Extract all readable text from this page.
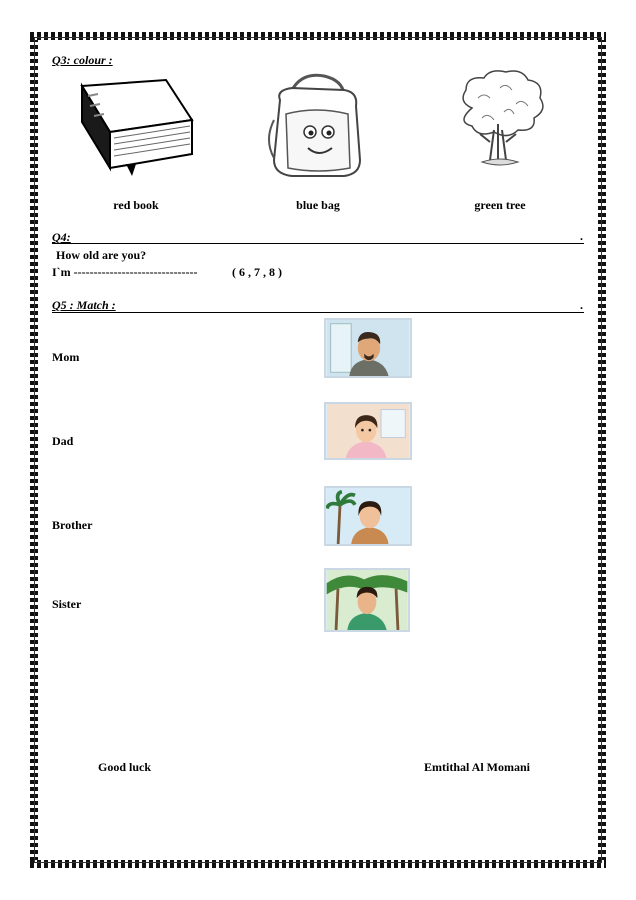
Q3: colour :
red book	blue bag	green tree
Q4:	.
How old are you?
I`m -------------------------------	( 6 , 7 , 8 )
Q5 : Match :	.
Mom
Dad
Brother
Sister
Good luck	Emtithal Al Momani
